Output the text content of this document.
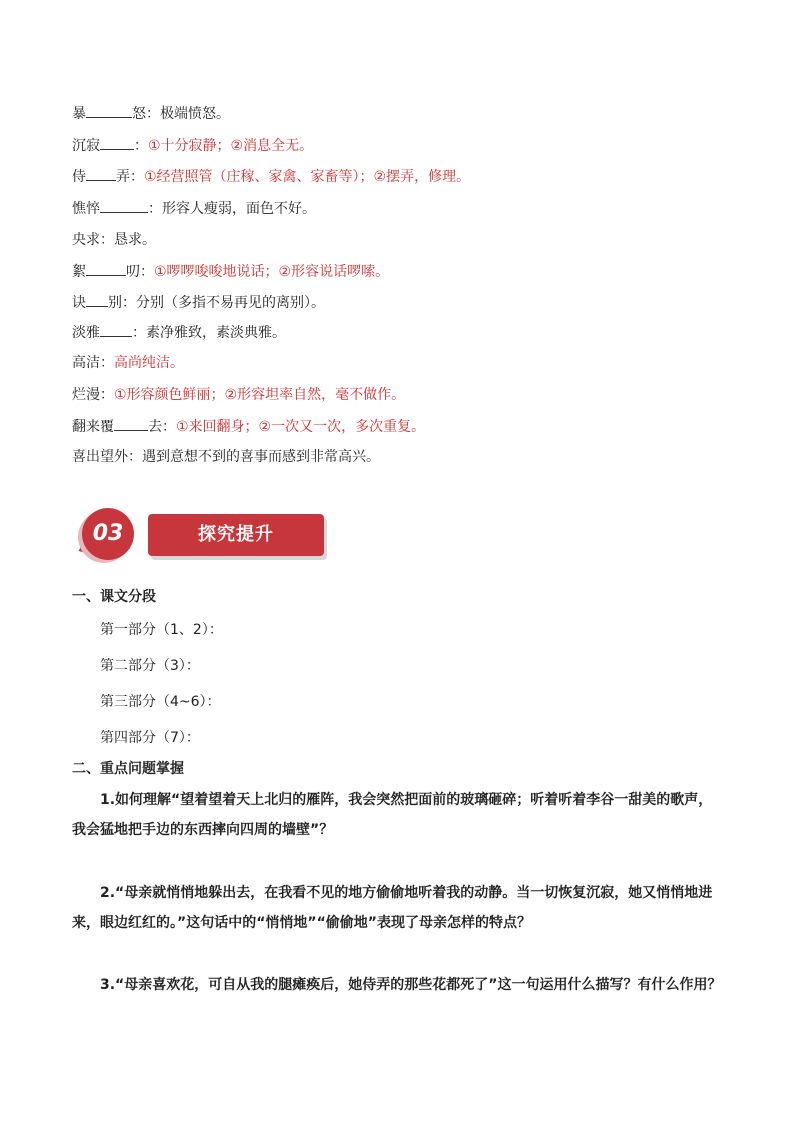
暴	怒：极端愤怒。
沉寂 ：①十分寂静；②消息全无。
侍 弄：①经营照管（庄稼、家禽、家畜等）；②摆弄，修理。
憔悴	：形容人瘦弱，面色不好。
央求：恳求。
絮	叨：①啰啰唆唆地说话；②形容说话啰嗦。
诀 别：分别（多指不易再见的离别）。
淡雅 ：素净雅致，素淡典雅。
高洁：高尚纯洁。
烂漫：①形容颜色鲜丽；②形容坦率自然，毫不做作。
翻来覆 去：①来回翻身；②一次又一次，多次重复。
喜出望外：遇到意想不到的喜事而感到非常高兴。
03	探究提升
一、课文分段
第一部分（1、2）：
第二部分（3）：
第三部分（4~6）：
第四部分（7）：
二、重点问题掌握
1.如何理解“望着望着天上北归的雁阵，我会突然把面前的玻璃砸碎；听着听着李谷一甜美的歌声，我会猛地把手边的东西摔向四周的墙壁”？
2.“母亲就悄悄地躲出去，在我看不见的地方偷偷地听着我的动静。当一切恢复沉寂，她又悄悄地进来，眼边红红的。”这句话中的“悄悄地”“偷偷地”表现了母亲怎样的特点？
3.“母亲喜欢花，可自从我的腿瘫痪后，她侍弄的那些花都死了”这一句运用什么描写？有什么作用？
